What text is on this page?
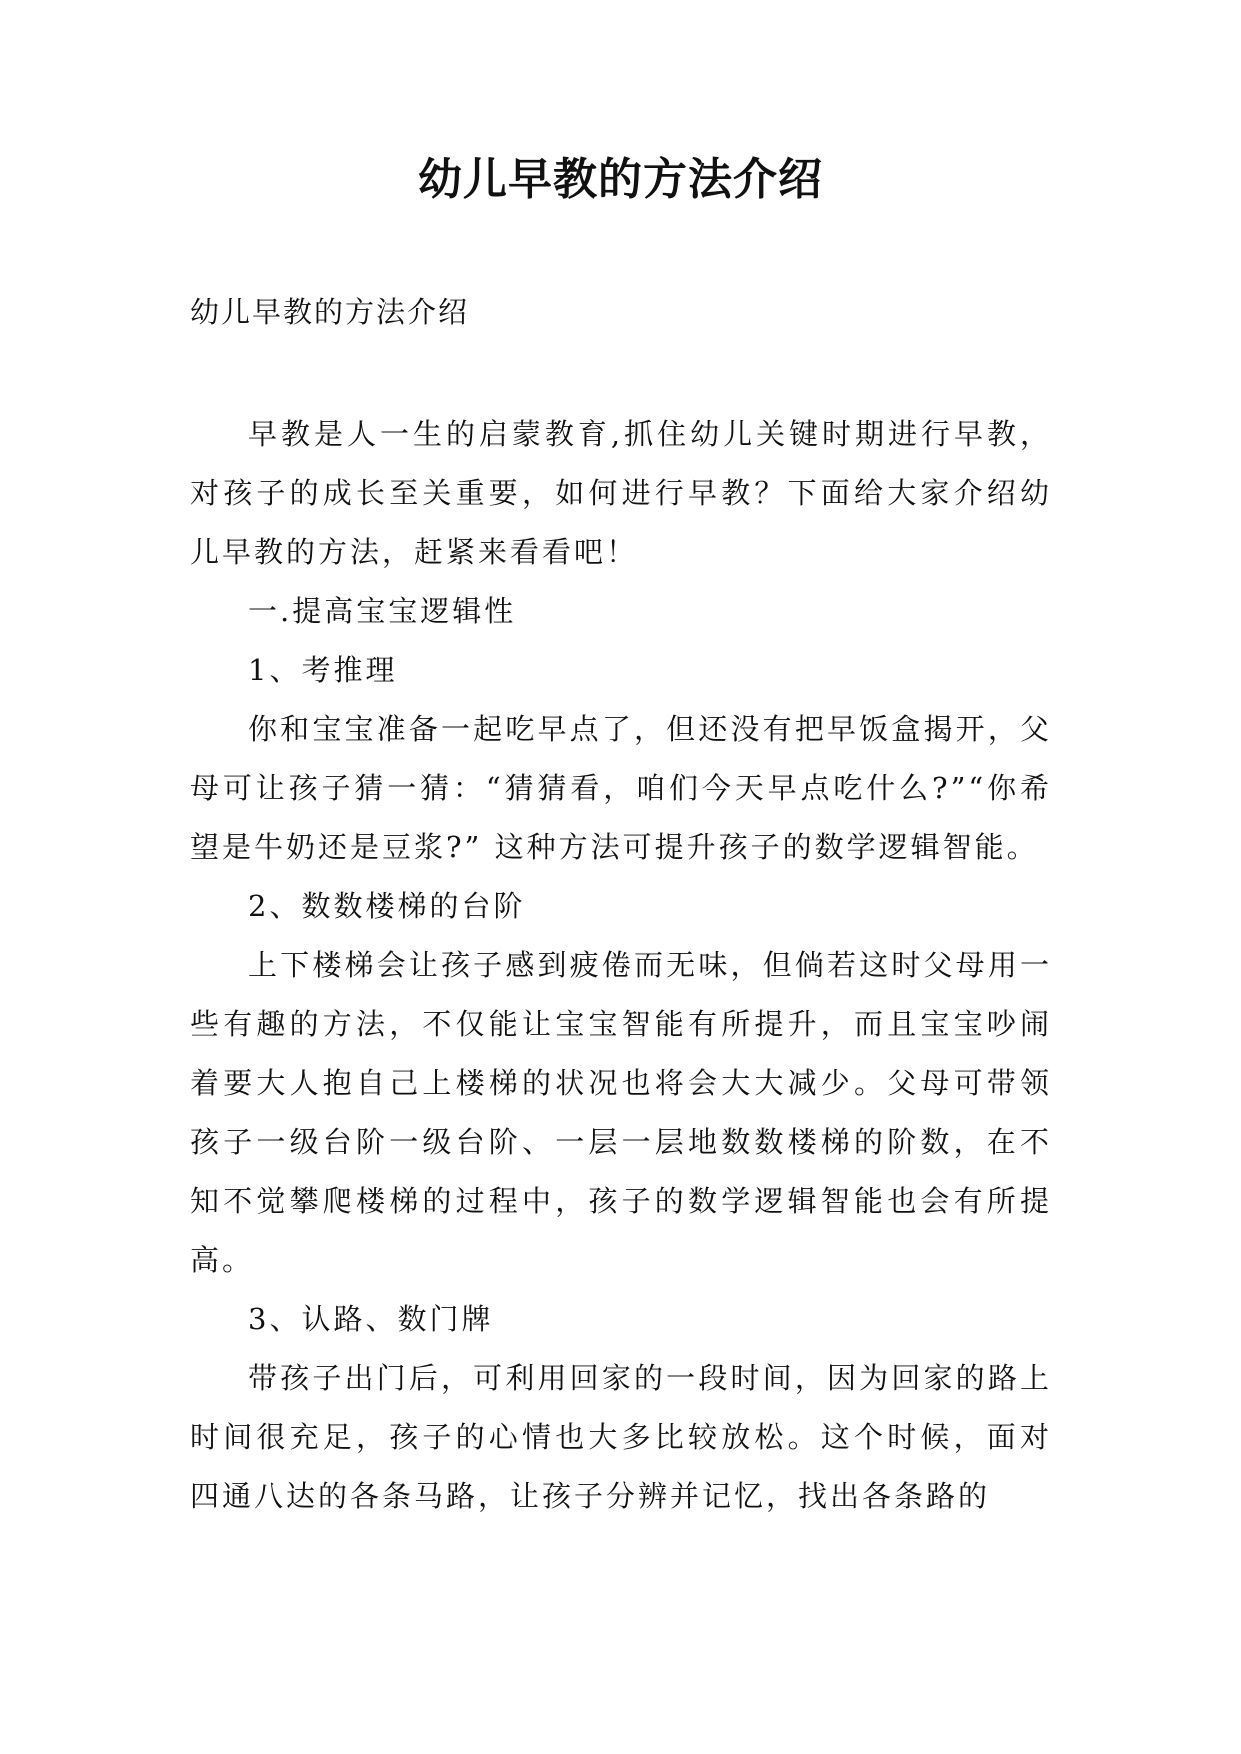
幼儿早教的方法介绍

幼儿早教的方法介绍

早教是人一生的启蒙教育,抓住幼儿关键时期进行早教，对孩子的成长至关重要，如何进行早教？下面给大家介绍幼儿早教的方法，赶紧来看看吧！

一.提高宝宝逻辑性

1、考推理

你和宝宝准备一起吃早点了，但还没有把早饭盒揭开，父母可让孩子猜一猜：“猜猜看，咱们今天早点吃什么?”“你希望是牛奶还是豆浆?” 这种方法可提升孩子的数学逻辑智能。

2、数数楼梯的台阶

上下楼梯会让孩子感到疲倦而无味，但倘若这时父母用一些有趣的方法，不仅能让宝宝智能有所提升，而且宝宝吵闹着要大人抱自己上楼梯的状况也将会大大减少。父母可带领孩子一级台阶一级台阶、一层一层地数数楼梯的阶数，在不知不觉攀爬楼梯的过程中，孩子的数学逻辑智能也会有所提高。

3、认路、数门牌

带孩子出门后，可利用回家的一段时间，因为回家的路上时间很充足，孩子的心情也大多比较放松。这个时候，面对四通八达的各条马路，让孩子分辨并记忆，找出各条路的
